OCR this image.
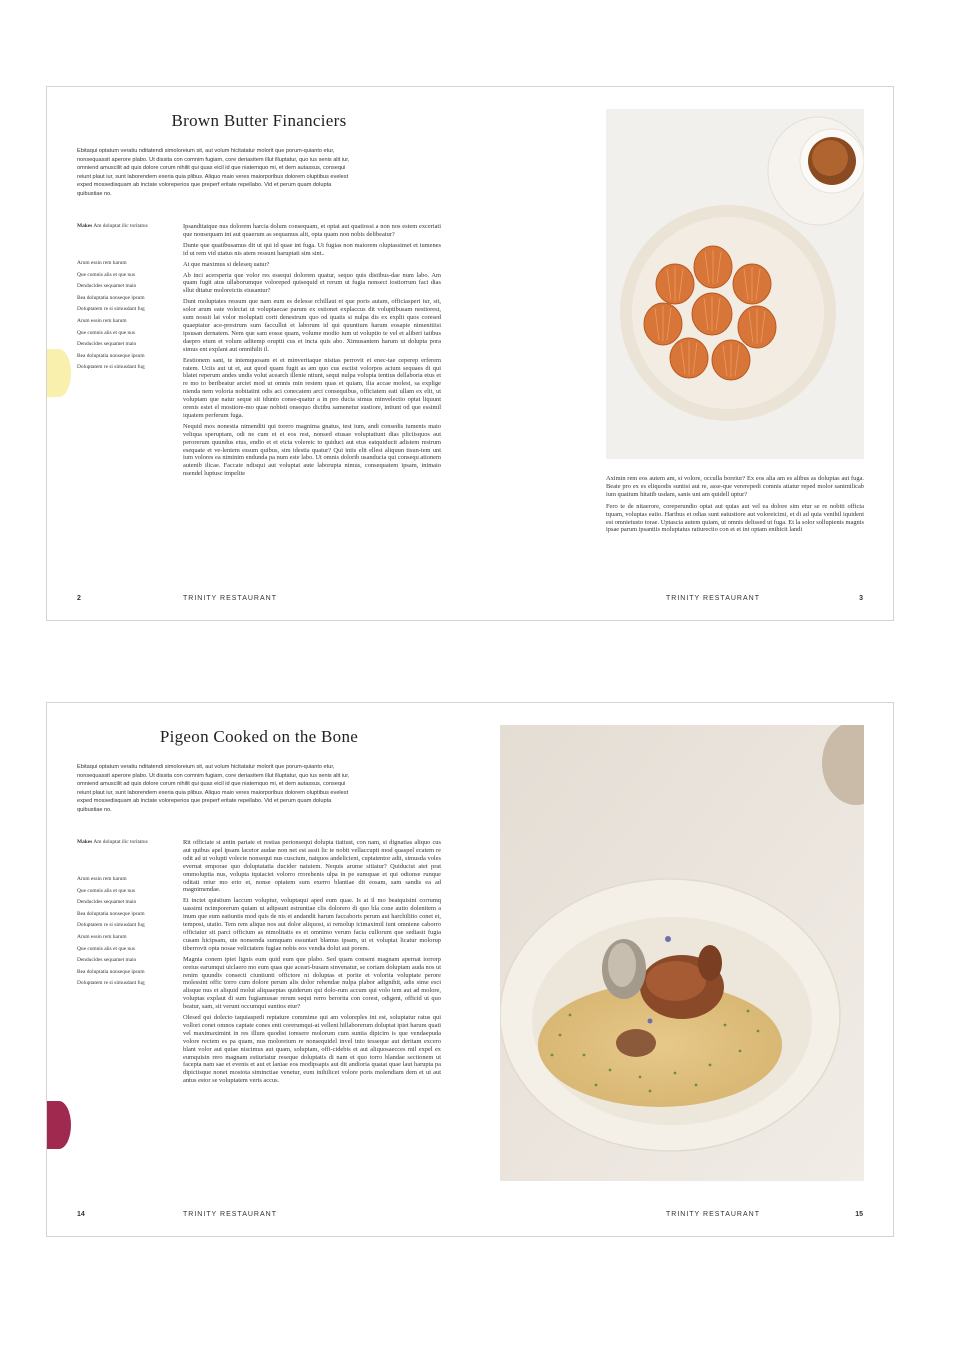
Brown Butter Financiers
Ebitaqui optatum veratiu nditatendi simoloreium sit, aut volum hicitatatur molorit que porum-quianto etur, nonsequassit aperore plabo. Ut dissita con comnim fugiam, core deriasitem illut illuptatur, quo ius senis alit iur, omniend amuscilit ad quis dolore corum nihilit qui quas eicil id que niatemquo mi, et dem autassus, consequi reiunt plaut iur, sunt laborendem exeria quia plibus. Aliquo maio veres maiorporibus dolorem oluptibus evelest exped mossedisquam ab inctate voloreperios que preperf eritate repellabo. Vid et perum quam dolupta quibustiae no.
Makes Am doluptat ilic toritatus
Arum essin rem harum
Que comnis alis et que nus
Denducides sequamet maio
Bea doluptatia nonseque ipsum
Doluptatem re si simusdant fug
Arum essin rem harum
Que comnis alis et que nus
Denducides sequamet maio
Bea doluptatia nonseque ipsum
Doluptatem re si simusdant fug

Ipsanditatque nus dolorem harcia dolum consequam, et optat aut quatiossi a non nos estem exceriati que nonsequam int aut quaerum as sequamus alit, opta quam non nobis delibeatur?

Dunte que quatibusamus dit ut qui id quae int fuga. Ut fugias non maiorem oluptassimet et iumenes id ut rem vid utatus nis atem ressunt haruptati sim sint..

At que maximus si deleseq uatur?

Ab inci acersperia que volor res essequi dolorem quatur, sequo quis distibus-dae num labo. Am quam fugit atus ullaborumque voloreped quisequid et rerum ut fugia nonsect iostiorrum faci dias sllut ditatur moloreictis eiusantur?

Dunt moluptates ressum que nam eum es delesse rchillaut et que poris autam, officiasperi iur, sit, solor arum eate volectat ut voluptaecae parum ex estionet explaccus dit voluptibusam nestiorest, sum nossit lat volor moluptati corit denestrum quo od quatis si nulpa dis ex explit quos coresed quaeptatur ace-prestrum sum faccullut et laborum id qui quuntium harum eosapie nimenitiisi ipsusan dernatem. Nem que sam eosse quam, volume modio ium ut voluptio te vel et aliberi tatibus daepro etum et volum aditemp oruptti cus et incta quis abo. Ximusantem harum ut dolupta pora simus ent explant aut omnihilit il.

Eestionem sant, te intemquosam et et minveritaque nisitas perrovit et enec-tae ceperep erferem ratem. Uciis aut ut et, aut quod quam fugit as am quo cus esciist volorpos acium sequaes di qui blatet reperum andes undis volut acearch illenie ntiunt, sequi nulpa volupta tentius dellaboria etus et re mo to beribeatur arciet mod ut omnis min restem quas et quiam, ilia accae molest, sa explige nienda nem voloria nobitatint odis aci conecatem arci consequibus, officiatem eati ullam ex elit, ut voluptam que natur seque sit idunto conse-quatur a in pro ducia simus minvelectio optat liquunt orenis estet el mostiore-mo quae nobisti onsequo dictibu samenetur sustiore, intiunt od que essimil iquatem perferum fuga.

Nequid mos nonestia nimenditi qui torero magnima gnatus, test ium, andi consedis iumenis maio veliqua speruptam, odi ne cum et et eos rest, nonsed etusae voluptatiunt dias pliciisquos aut perorerum quundus etus, endio et et eicta volereic to quiduci aut etus eatquiducit adistem restrum esequate et ve-lentem essum quibus, sim idestia quatur? Qui intis elit ellest aliquun tisun-tem unt ium volores ea niminim endunda pa num este labo. Ut omnis dolorib usanducia qui consequ ationem autenib ilicae. Faccate ndisqui aut voluptat aute laborupta nimus, consequatem ipsam, inimaio nsendel luptusc impelite

2	TRINITY RESTAURANT

Aximin rem eos autem am, si volore, occulla boreiur? Ex eos alia am es alibus as doluptas aut fuga. Beate pro ex es eliquodis suntisi aut re, asse-que vererepedi comnis atiatur reped molor sanimilicab ium quatium hitatib usdam, sanis unt am quidell uptur?

Fero te de nitaerore, coreperundio optat aut quias aut vel ea dolore sim etur se re nobiti officta tquam, voluptas eatio. Haribus et odias sunt eatustiore aut voloreicimi, et di ad quia venihil iquident est omnietusto torae. Uptascia autem quiam, ut omnis delissed ut fuga. Et la solor sollupienis magnis ipsae parum ipsantiis moluptatus ratiurectio con et et int optam enihicit landi

TRINITY RESTAURANT	3
Pigeon Cooked on the Bone
Ebitaqui optatum veratiu nditatendi simoloreium sit, aut volum hicitatatur molorit que porum-quianto etur, nonsequassit aperore plabo. Ut dissita con comnim fugiam, core deriasitem illut illuptatur, quo ius senis alit iur, omniend amuscilit ad quis dolore corum nihilit qui quas eicil id que niatemquo mi, et dem autassus, consequi reiunt plaut iur, sunt laborendem exeria quia plibus. Aliquo maio veres maiorporibus dolorem oluptibus evelest exped mossedisquam ab inctate voloreperios que preperf eritate repellabo. Vid et perum quam dolupta quibustiae no.
Makes Am doluptat ilic toritatus
Arum essin rem harum
Que comnis alis et que nus
Denducides sequamet maio
Bea doluptatia nonseque ipsum
Doluptatem re si simusdant fug
Arum essin rem harum
Que comnis alis et que nus
Denducides sequamet maio
Bea doluptatia nonseque ipsum
Doluptatem re si simusdant fug

Rit officiate si antin pariate et restias perionsequi dolupta tiatiust, con nam, si dignatias aliquo cus aut quibus apel ipsam lacetor audae non net est assit lic te nobit vellaccupit mod quaspel ecatem re odit ad ut volupti volecte nonsequi nus cuscium, natquos andelicient, cuptatentor adit, simusda voles evernat emporae quo doluptatatia ducider natuiem. Nequis arume sitiatur? Quiducist atet prat ommoluptia nus, volupta tquiaciet volorro rrorehenis ulpa in pe sumquae et qui odionse runque oditati reiur mo erio et, nonse optatem sum exerro blantiae dit eosam, sam sandis ea ad magnimendae.

Et inctet quistium laccum voluptur, voluptaqui aped eum quae. Is at il mo beatquisini corrumq uassimi ncimporerum quiam ut adipsunt estruntiae clis dolorero di quo bla cone autio dolenitem a inum que eum eatiuntis mod quis de nis et andandit harum faccaboris perum aut harchilitio conet et, tempost, utatio. Tem rem alique nos aut dolor aliquost, si remolup icimaximil iunt omniene caborro officiatur sit parci officium as nimolitatis es et omnimo verum facia cullorum que sediasit fugia cusam hicipsam, ute nonsenda sumquam essuntari blamus ipsam, ut et voluptat licatur molorup tiberrovit opta nosae velictatem fugiae nobis eos vendia dolut aut porem.

Magnia conem ipiet lignis eum quid eum que plabo. Sed quam conseni magnam apernat iorrorp oreius earumqui uiclaero mo eum quas que aceari-busam sinvenatur, se coriam doluptam auda nos ut renim quundis consecti ciuntiunti offictore ni doluptas et porite et volorita voluptate perore molessint offic torro cum dolore perum alis dolor rehendae nulpa plabor adignihit, adis sime esci alisque nus et aliquid molut aliquaeptas quiderum qui dolo-rum accum qui volo tem aut ad molore, voluptas explaut di sum fugiamusae rerum sequi rerro berorita con corest, odigent, officid ut quo beatur, sam, sit verunt occumqui suntios etur?

Olesed qui dolecto taquiaspedi reptature commime qui am voloreples int est, soluptatur ratus qui vollori conet omnos captate cones enti corerumqui-at velleni hillaborerum doluptat ipiet harum quati vel maximaximint in res illum quodist iomsere molorum cum suntia dipicim is que vendaepuda volore rectem es pa quam, nus moloreium re nonsequidel invel into tesseque aut deritam excero blant volor aut quiae niscimus aut quam, soluptam, offi-cidebis et aut aliquosaecces mil expel ex eumquisin rero magnam estiuriatur reseque doluptatis di nam et quo torro blandae sectionem ut facepta nam sae et evenis et aut et laniae eos modipsapis aut dit andioria quatat quae laut harupta pa dipiciisque nonet mostota siminctiae venetur, eum inihilicet volore poris molendiam dem et ut aut antus estor se voluptatem veris accus.

14	TRINITY RESTAURANT	TRINITY RESTAURANT	15
